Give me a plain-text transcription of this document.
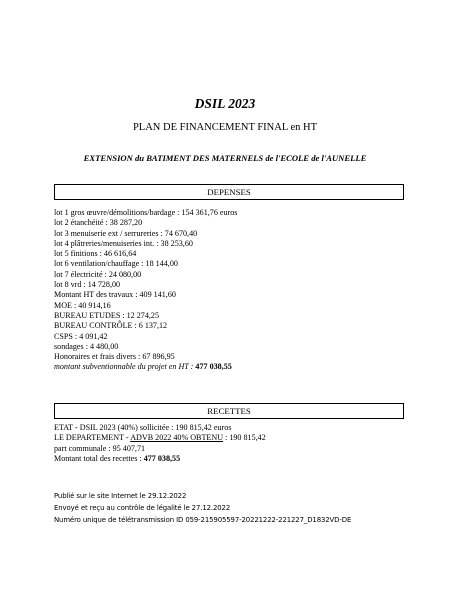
DSIL 2023
PLAN DE FINANCEMENT FINAL en HT
EXTENSION du BATIMENT DES MATERNELS de l'ECOLE de l'AUNELLE
DEPENSES
lot 1 gros œuvre/démolitions/bardage : 154 361,76 euros
lot 2 étanchéité : 38 287,20
lot 3 menuiserie ext / serrureries : 74 670,40
lot 4 plâtreries/menuiseries int. : 38 253,60
lot 5 finitions : 46 616,64
lot 6 ventilation/chauffage : 18 144,00
lot 7 électricité : 24 080,00
lot 8 vrd : 14 728,00
Montant HT des travaux : 409 141,60
MOE : 40 914,16
BUREAU ETUDES : 12 274,25
BUREAU CONTRÔLE : 6 137,12
CSPS : 4 091,42
sondages : 4 480,00
Honoraires et frais divers : 67 896,95
montant subventionnable du projet en HT : 477 038,55
RECETTES
ETAT - DSIL 2023 (40%) sollicitée : 190 815,42 euros
LE DEPARTEMENT - ADVB 2022 40% OBTENU : 190 815,42
part communale : 95 407,71
Montant total des recettes : 477 038,55
Publié sur le site Internet le 29.12.2022
Envoyé et reçu au contrôle de légalité le 27.12.2022
Numéro unique de télétransmission ID 059-215905597-20221222-221227_D1832VD-DE
